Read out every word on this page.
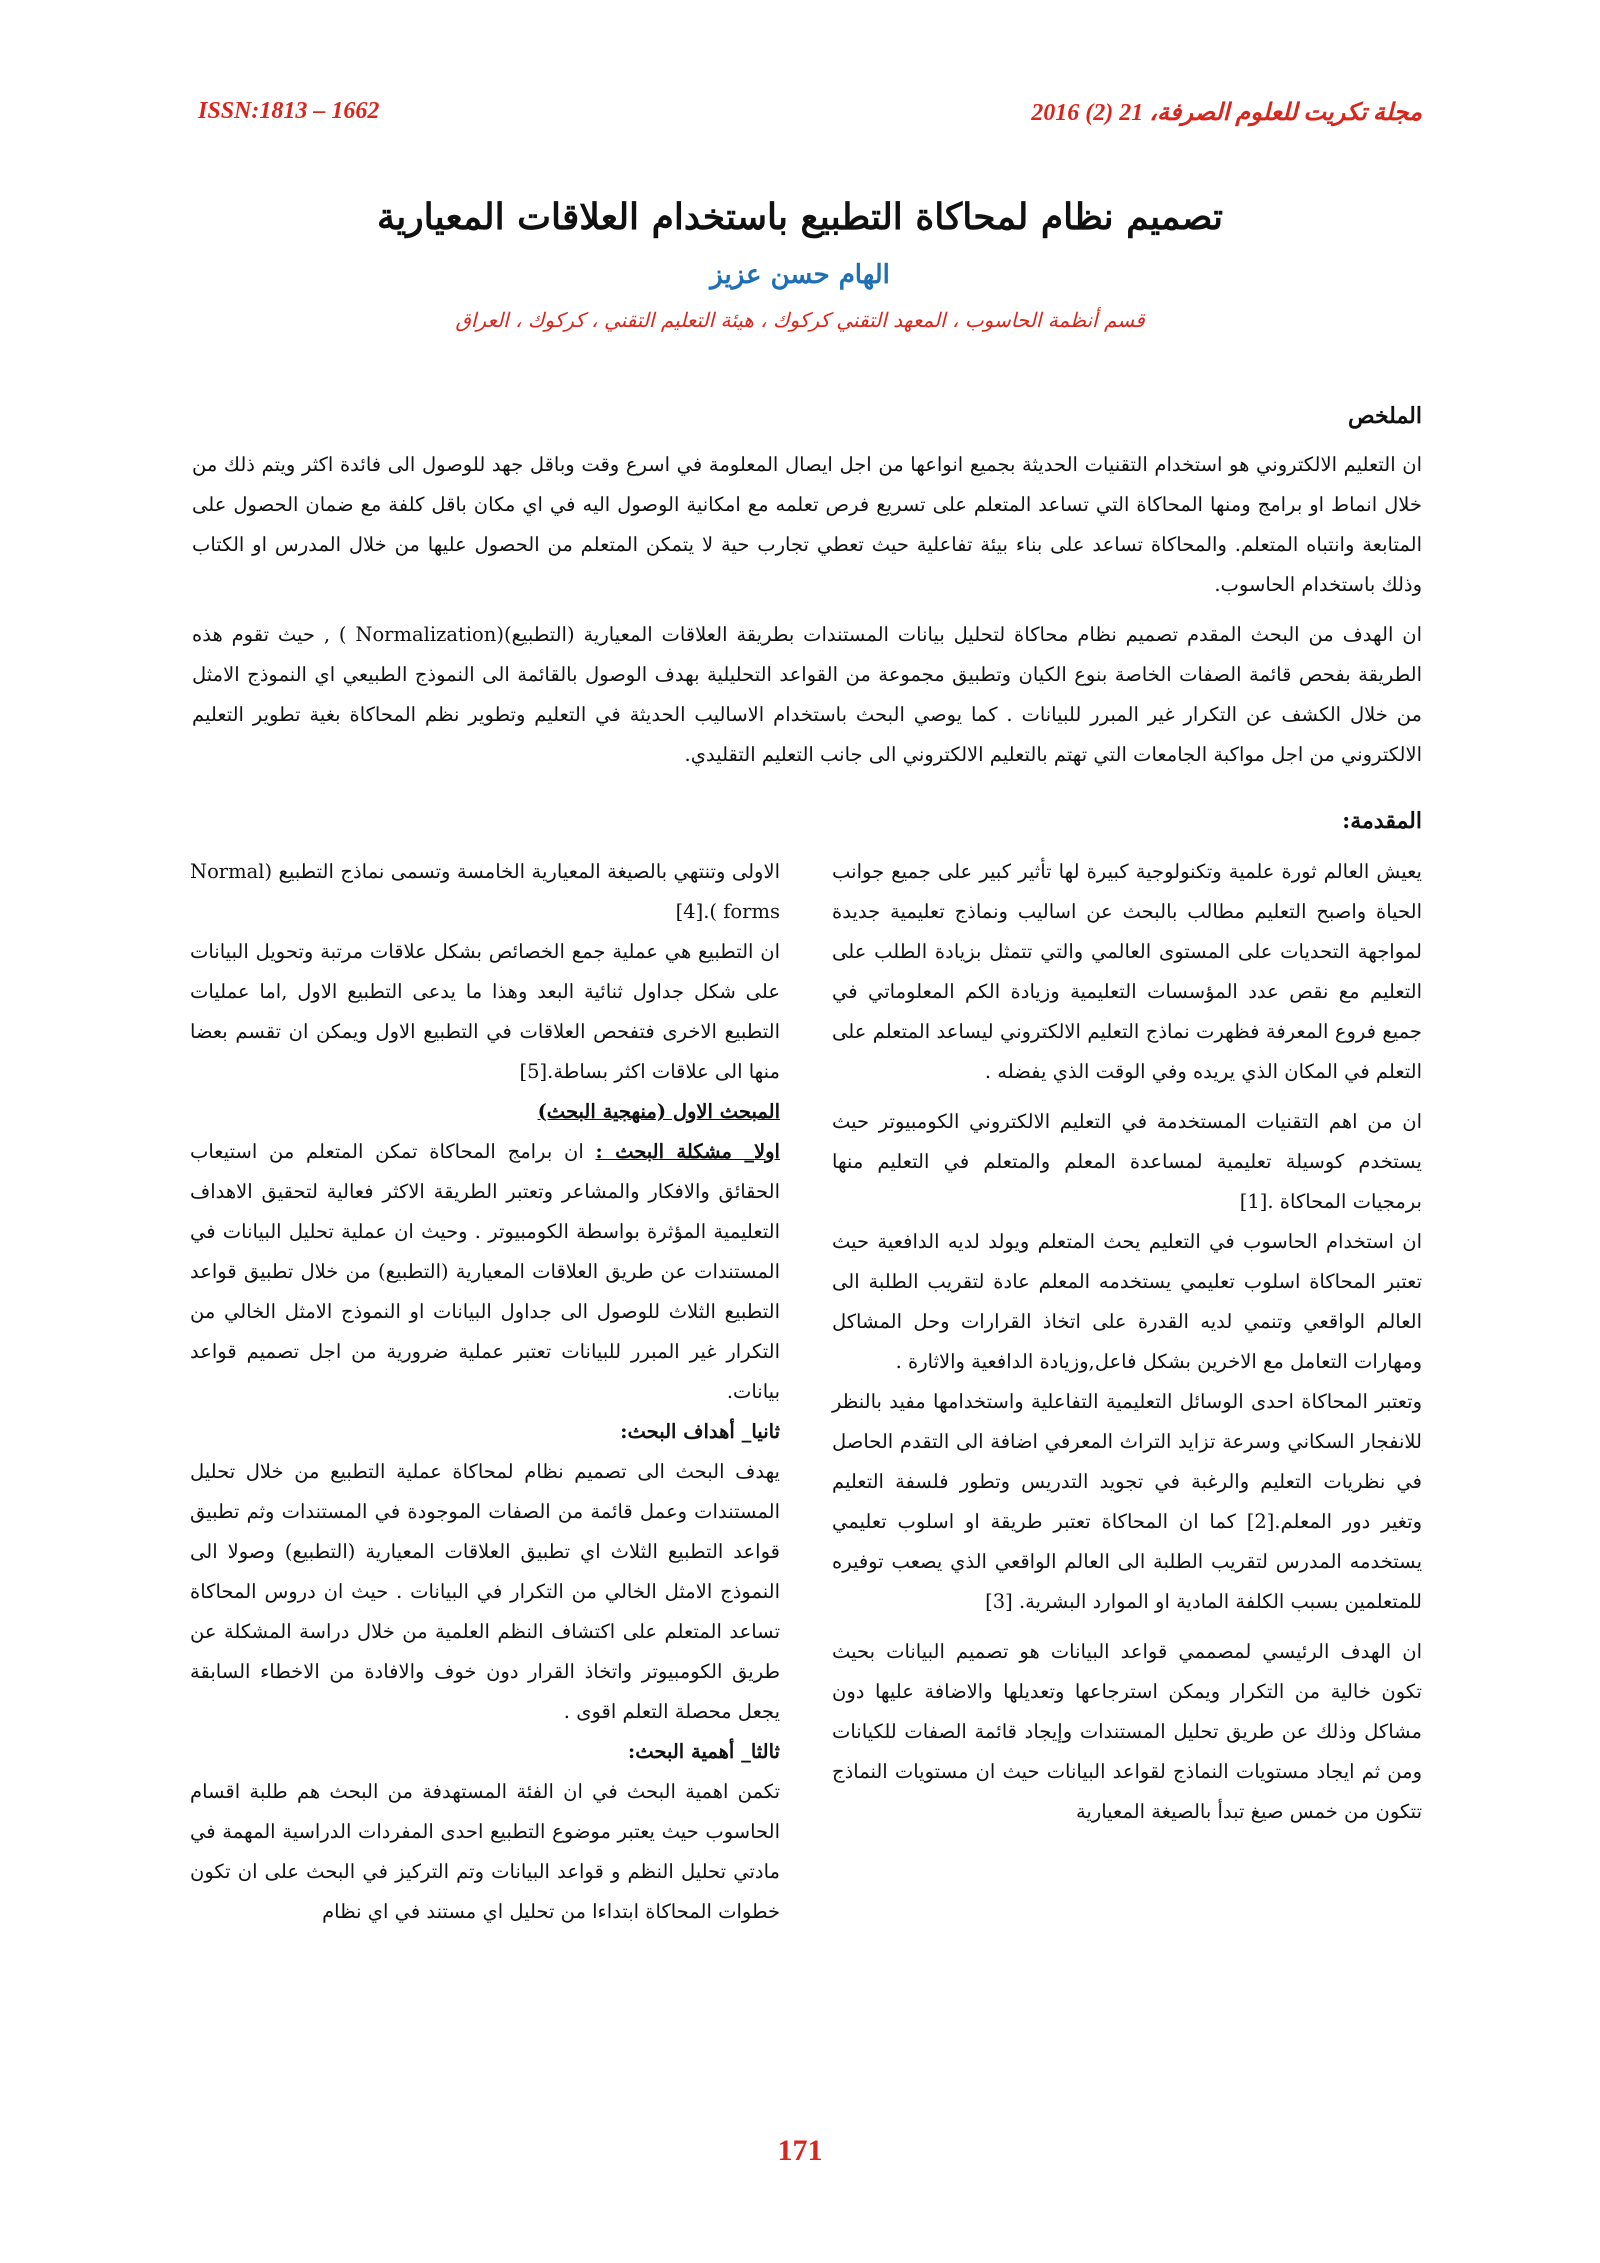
ISSN:1813 – 1662	مجلة تكريت للعلوم الصرفة، 21 (2) 2016
تصميم نظام لمحاكاة التطبيع باستخدام العلاقات المعيارية
الهام حسن عزيز
قسم أنظمة الحاسوب ، المعهد التقني كركوك ، هيئة التعليم التقني ، كركوك ، العراق
الملخص

ان التعليم الالكتروني هو استخدام التقنيات الحديثة بجميع انواعها من اجل ايصال المعلومة في اسرع وقت وباقل جهد للوصول الى فائدة اكثر ويتم ذلك من خلال انماط او برامج ومنها المحاكاة التي تساعد المتعلم على تسريع فرص تعلمه مع امكانية الوصول اليه في اي مكان باقل كلفة مع ضمان الحصول على المتابعة وانتباه المتعلم. والمحاكاة تساعد على بناء بيئة تفاعلية حيث تعطي تجارب حية لا يتمكن المتعلم من الحصول عليها من خلال المدرس او الكتاب وذلك باستخدام الحاسوب.

ان الهدف من البحث المقدم تصميم نظام محاكاة لتحليل بيانات المستندات بطريقة العلاقات المعيارية (التطبيع)(Normalization ) , حيث تقوم هذه الطريقة بفحص قائمة الصفات الخاصة بنوع الكيان وتطبيق مجموعة من القواعد التحليلية بهدف الوصول بالقائمة الى النموذج الطبيعي اي النموذج الامثل من خلال الكشف عن التكرار غير المبرر للبيانات . كما يوصي البحث باستخدام الاساليب الحديثة في التعليم وتطوير نظم المحاكاة بغية تطوير التعليم الالكتروني من اجل مواكبة الجامعات التي تهتم بالتعليم الالكتروني الى جانب التعليم التقليدي.

المقدمة:

يعيش العالم ثورة علمية وتكنولوجية كبيرة لها تأثير كبير على جميع جوانب الحياة واصبح التعليم مطالب بالبحث عن اساليب ونماذج تعليمية جديدة لمواجهة التحديات على المستوى العالمي والتي تتمثل بزيادة الطلب على التعليم مع نقص عدد المؤسسات التعليمية وزيادة الكم المعلوماتي في جميع فروع المعرفة فظهرت نماذج التعليم الالكتروني ليساعد المتعلم على التعلم في المكان الذي يريده وفي الوقت الذي يفضله .

ان من اهم التقنيات المستخدمة في التعليم الالكتروني الكومبيوتر حيث يستخدم كوسيلة تعليمية لمساعدة المعلم والمتعلم في التعليم منها برمجيات المحاكاة .[1]

ان استخدام الحاسوب في التعليم يحث المتعلم ويولد لديه الدافعية حيث تعتبر المحاكاة اسلوب تعليمي يستخدمه المعلم عادة لتقريب الطلبة الى العالم الواقعي وتنمي لديه القدرة على اتخاذ القرارات وحل المشاكل ومهارات التعامل مع الاخرين بشكل فاعل,وزيادة الدافعية والاثارة .

وتعتبر المحاكاة احدى الوسائل التعليمية التفاعلية واستخدامها مفيد بالنظر للانفجار السكاني وسرعة تزايد التراث المعرفي اضافة الى التقدم الحاصل في نظريات التعليم والرغبة في تجويد التدريس وتطور فلسفة التعليم وتغير دور المعلم.[2] كما ان المحاكاة تعتبر طريقة او اسلوب تعليمي يستخدمه المدرس لتقريب الطلبة الى العالم الواقعي الذي يصعب توفيره للمتعلمين بسبب الكلفة المادية او الموارد البشرية. [3]

ان الهدف الرئيسي لمصممي قواعد البيانات هو تصميم البيانات بحيث تكون خالية من التكرار ويمكن استرجاعها وتعديلها والاضافة عليها دون مشاكل وذلك عن طريق تحليل المستندات وإيجاد قائمة الصفات للكيانات ومن ثم ايجاد مستويات النماذج لقواعد البيانات حيث ان مستويات النماذج تتكون من خمس صيغ تبدأ بالصيغة المعيارية

الاولى وتنتهي بالصيغة المعيارية الخامسة وتسمى نماذج التطبيع (Normal forms ).[4]

ان التطبيع هي عملية جمع الخصائص بشكل علاقات مرتبة وتحويل البيانات على شكل جداول ثنائية البعد وهذا ما يدعى التطبيع الاول ,اما عمليات التطبيع الاخرى فتفحص العلاقات في التطبيع الاول ويمكن ان تقسم بعضا منها الى علاقات اكثر بساطة.[5]

المبحث الاول (منهجية البحث)

اولا_ مشكلة البحث : ان برامج المحاكاة تمكن المتعلم من استيعاب الحقائق والافكار والمشاعر وتعتبر الطريقة الاكثر فعالية لتحقيق الاهداف التعليمية المؤثرة بواسطة الكومبيوتر . وحيث ان عملية تحليل البيانات في المستندات عن طريق العلاقات المعيارية (التطبيع) من خلال تطبيق قواعد التطبيع الثلاث للوصول الى جداول البيانات او النموذج الامثل الخالي من التكرار غير المبرر للبيانات تعتبر عملية ضرورية من اجل تصميم قواعد بيانات.

ثانيا_ أهداف البحث:

يهدف البحث الى تصميم نظام لمحاكاة عملية التطبيع من خلال تحليل المستندات وعمل قائمة من الصفات الموجودة في المستندات وثم تطبيق قواعد التطبيع الثلاث اي تطبيق العلاقات المعيارية (التطبيع) وصولا الى النموذج الامثل الخالي من التكرار في البيانات . حيث ان دروس المحاكاة تساعد المتعلم على اكتشاف النظم العلمية من خلال دراسة المشكلة عن طريق الكومبيوتر واتخاذ القرار دون خوف والافادة من الاخطاء السابقة يجعل محصلة التعلم اقوى .

ثالثا_ أهمية البحث:

تكمن اهمية البحث في ان الفئة المستهدفة من البحث هم طلبة اقسام الحاسوب حيث يعتبر موضوع التطبيع احدى المفردات الدراسية المهمة في مادتي تحليل النظم و قواعد البيانات وتم التركيز في البحث على ان تكون خطوات المحاكاة ابتداءا من تحليل اي مستند في اي نظام

171
